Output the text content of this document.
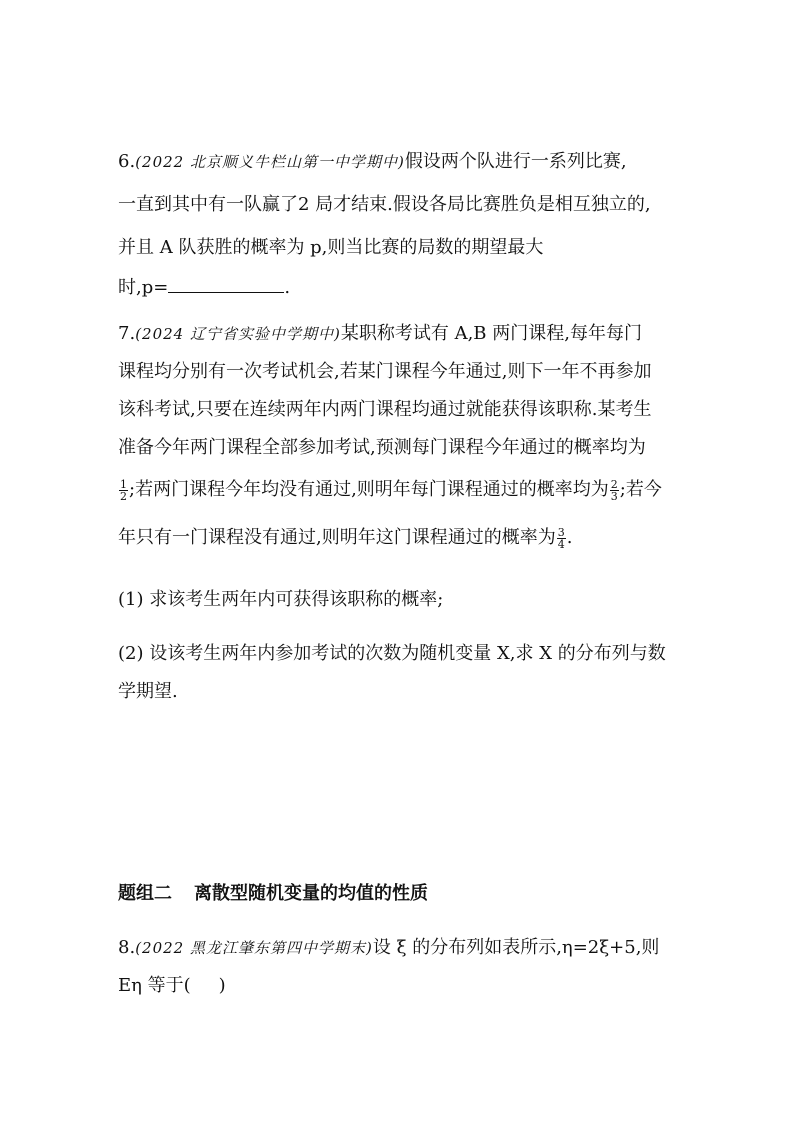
6.(2022 北京顺义牛栏山第一中学期中)假设两个队进行一系列比赛,
一直到其中有一队赢了2 局才结束.假设各局比赛胜负是相互独立的,
并且 A 队获胜的概率为 p,则当比赛的局数的期望最大
时,p=	.
7.(2024 辽宁省实验中学期中)某职称考试有 A,B 两门课程,每年每门
课程均分别有一次考试机会,若某门课程今年通过,则下一年不再参加
该科考试,只要在连续两年内两门课程均通过就能获得该职称.某考生
准备今年两门课程全部参加考试,预测每门课程今年通过的概率均为
$\frac{1}{2}$ ;若两门课程今年均没有通过,则明年每门课程通过的概率均为 $\frac{2}{3}$ ;若今
年只有一门课程没有通过,则明年这门课程通过的概率为 $\frac{3}{4}$ .
(1) 求该考生两年内可获得该职称的概率;
(2) 设该考生两年内参加考试的次数为随机变量 X,求 X 的分布列与数
学期望.
题组二 离散型随机变量的均值的性质
8.(2022 黑龙江肇东第四中学期末)设 ξ 的分布列如表所示,η=2ξ+5,则
Eη 等于( )
